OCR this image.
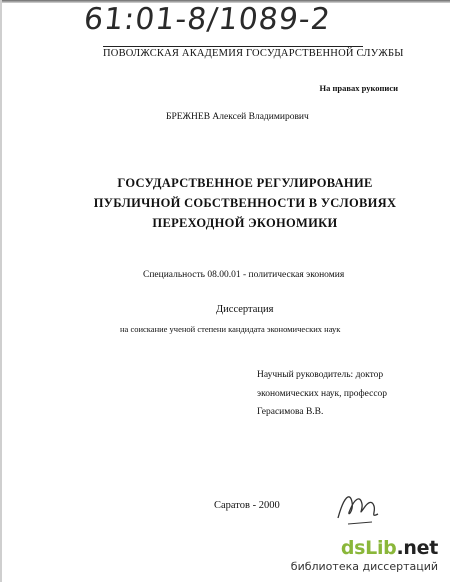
61:01-8/1089-2
ПОВОЛЖСКАЯ АКАДЕМИЯ ГОСУДАРСТВЕННОЙ СЛУЖБЫ
На правах рукописи
БРЕЖНЕВ Алексей Владимирович
ГОСУДАРСТВЕННОЕ РЕГУЛИРОВАНИЕ
ПУБЛИЧНОЙ СОБСТВЕННОСТИ В УСЛОВИЯХ
ПЕРЕХОДНОЙ ЭКОНОМИКИ
Специальность 08.00.01 - политическая экономия
Диссертация
на соискание ученой степени кандидата экономических наук
Научный руководитель: доктор
экономических наук, профессор
Герасимова В.В.
Саратов - 2000
dsLib.net
библиотека диссертаций
